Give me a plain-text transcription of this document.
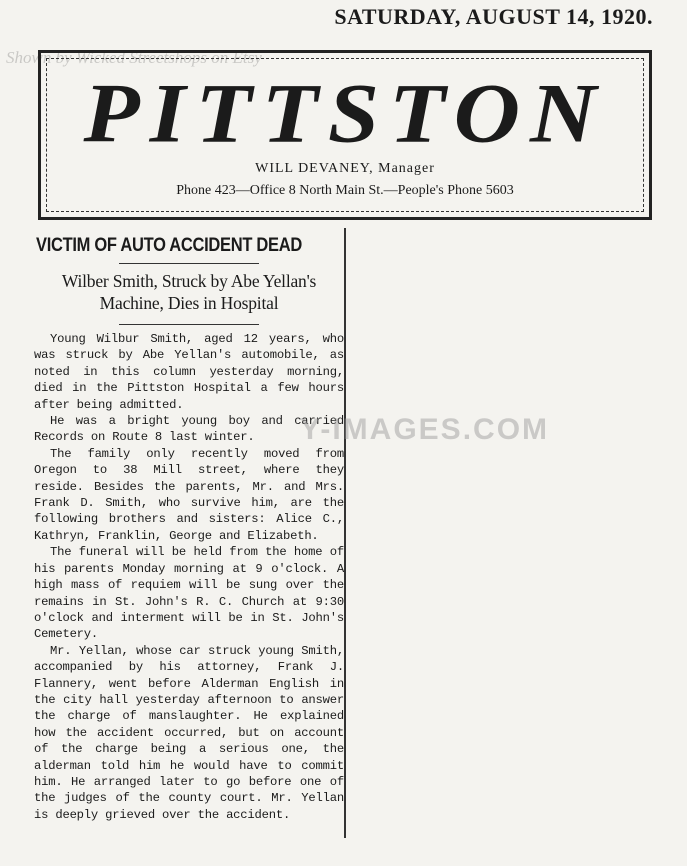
SATURDAY, AUGUST 14, 1920.
Shown by Wicked Streetshops on Etsy
PITTSTON
WILL DEVANEY, Manager
Phone 423—Office 8 North Main St.—People's Phone 5603
VICTIM OF AUTO ACCIDENT DEAD

Wilber Smith, Struck by Abe Yellan's

Machine, Dies in Hospital

Young Wilbur Smith, aged 12 years, who was struck by Abe Yellan's automobile, as noted in this column yesterday morning, died in the Pittston Hospital a few hours after being admitted.

He was a bright young boy and carried Records on Route 8 last winter.

The family only recently moved from Oregon to 38 Mill street, where they reside. Besides the parents, Mr. and Mrs. Frank D. Smith, who survive him, are the following brothers and sisters: Alice C., Kathryn, Franklin, George and Elizabeth.

The funeral will be held from the home of his parents Monday morning at 9 o'clock. A high mass of requiem will be sung over the remains in St. John's R. C. Church at 9:30 o'clock and interment will be in St. John's Cemetery.

Mr. Yellan, whose car struck young Smith, accompanied by his attorney, Frank J. Flannery, went before Alderman English in the city hall yesterday afternoon to answer the charge of manslaughter. He explained how the accident occurred, but on account of the charge being a serious one, the alderman told him he would have to commit him. He arranged later to go before one of the judges of the county court. Mr. Yellan is deeply grieved over the accident.

Y-IMAGES.COM
